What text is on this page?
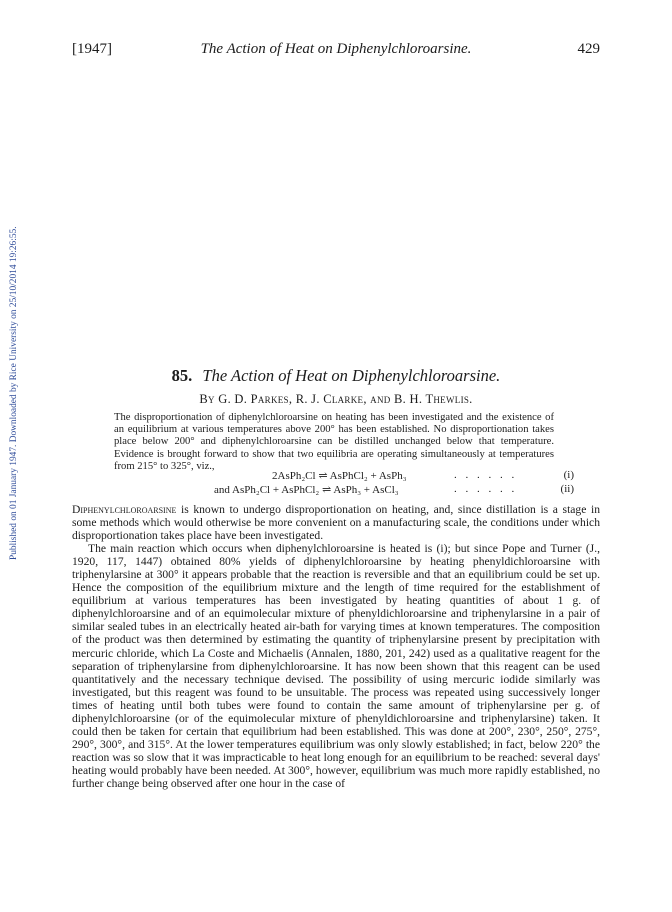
[1947]	The Action of Heat on Diphenylchloroarsine.	429
Published on 01 January 1947. Downloaded by Rice University on 25/10/2014 19:26:55.	85. The Action of Heat on Diphenylchloroarsine.
By G. D. Parkes, R. J. Clarke, and B. H. Thewlis.
The disproportionation of diphenylchloroarsine on heating has been investigated and the existence of an equilibrium at various temperatures above 200° has been established. No disproportionation takes place below 200° and diphenylchloroarsine can be distilled unchanged below that temperature. Evidence is brought forward to show that two equilibria are operating simultaneously at temperatures from 215° to 325°, viz.,
2AsPh₂Cl ⇌ AsPhCl₂ + AsPh₃	. . . . . .	(i)
and AsPh₂Cl + AsPhCl₂ ⇌ AsPh₃ + AsCl₃	. . . . . .	(ii)

Diphenylchloroarsine is known to undergo disproportionation on heating, and, since distillation is a stage in some methods which would otherwise be more convenient on a manufacturing scale, the conditions under which disproportionation takes place have been investigated.

The main reaction which occurs when diphenylchloroarsine is heated is (i); but since Pope and Turner (J., 1920, 117, 1447) obtained 80% yields of diphenylchloroarsine by heating phenyldichloroarsine with triphenylarsine at 300° it appears probable that the reaction is reversible and that an equilibrium could be set up. Hence the composition of the equilibrium mixture and the length of time required for the establishment of equilibrium at various temperatures has been investigated by heating quantities of about 1 g. of diphenylchloroarsine and of an equimolecular mixture of phenyldichloroarsine and triphenylarsine in a pair of similar sealed tubes in an electrically heated air-bath for varying times at known temperatures. The composition of the product was then determined by estimating the quantity of triphenylarsine present by precipitation with mercuric chloride, which La Coste and Michaelis (Annalen, 1880, 201, 242) used as a qualitative reagent for the separation of triphenylarsine from diphenylchloroarsine. It has now been shown that this reagent can be used quantitatively and the necessary technique devised. The possibility of using mercuric iodide similarly was investigated, but this reagent was found to be unsuitable. The process was repeated using successively longer times of heating until both tubes were found to contain the same amount of triphenylarsine per g. of diphenylchloroarsine (or of the equimolecular mixture of phenyldichloroarsine and triphenylarsine) taken. It could then be taken for certain that equilibrium had been established. This was done at 200°, 230°, 250°, 275°, 290°, 300°, and 315°. At the lower temperatures equilibrium was only slowly established; in fact, below 220° the reaction was so slow that it was impracticable to heat long enough for an equilibrium to be reached: several days' heating would probably have been needed. At 300°, however, equilibrium was much more rapidly established, no further change being observed after one hour in the case of
